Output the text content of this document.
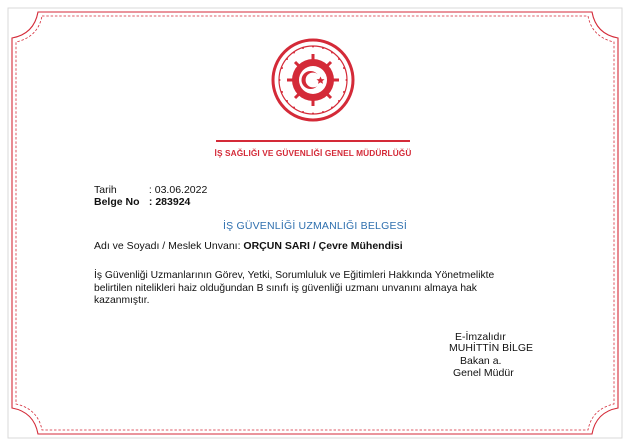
İŞ SAĞLIĞI VE GÜVENLİĞİ GENEL MÜDÜRLÜĞÜ
Tarih	: 03.06.2022
Belge No : 283924
İŞ GÜVENLİĞİ UZMANLIĞI BELGESİ
Adı ve Soyadı / Meslek Unvanı: ORÇUN SARI / Çevre Mühendisi
İş Güvenliği Uzmanlarının Görev, Yetki, Sorumluluk ve Eğitimleri Hakkında Yönetmelikte
belirtilen nitelikleri haiz olduğundan B sınıfı iş güvenliği uzmanı unvanını almaya hak
kazanmıştır.
E-İmzalıdır
MUHİTTİN BİLGE
Bakan a.
Genel Müdür
